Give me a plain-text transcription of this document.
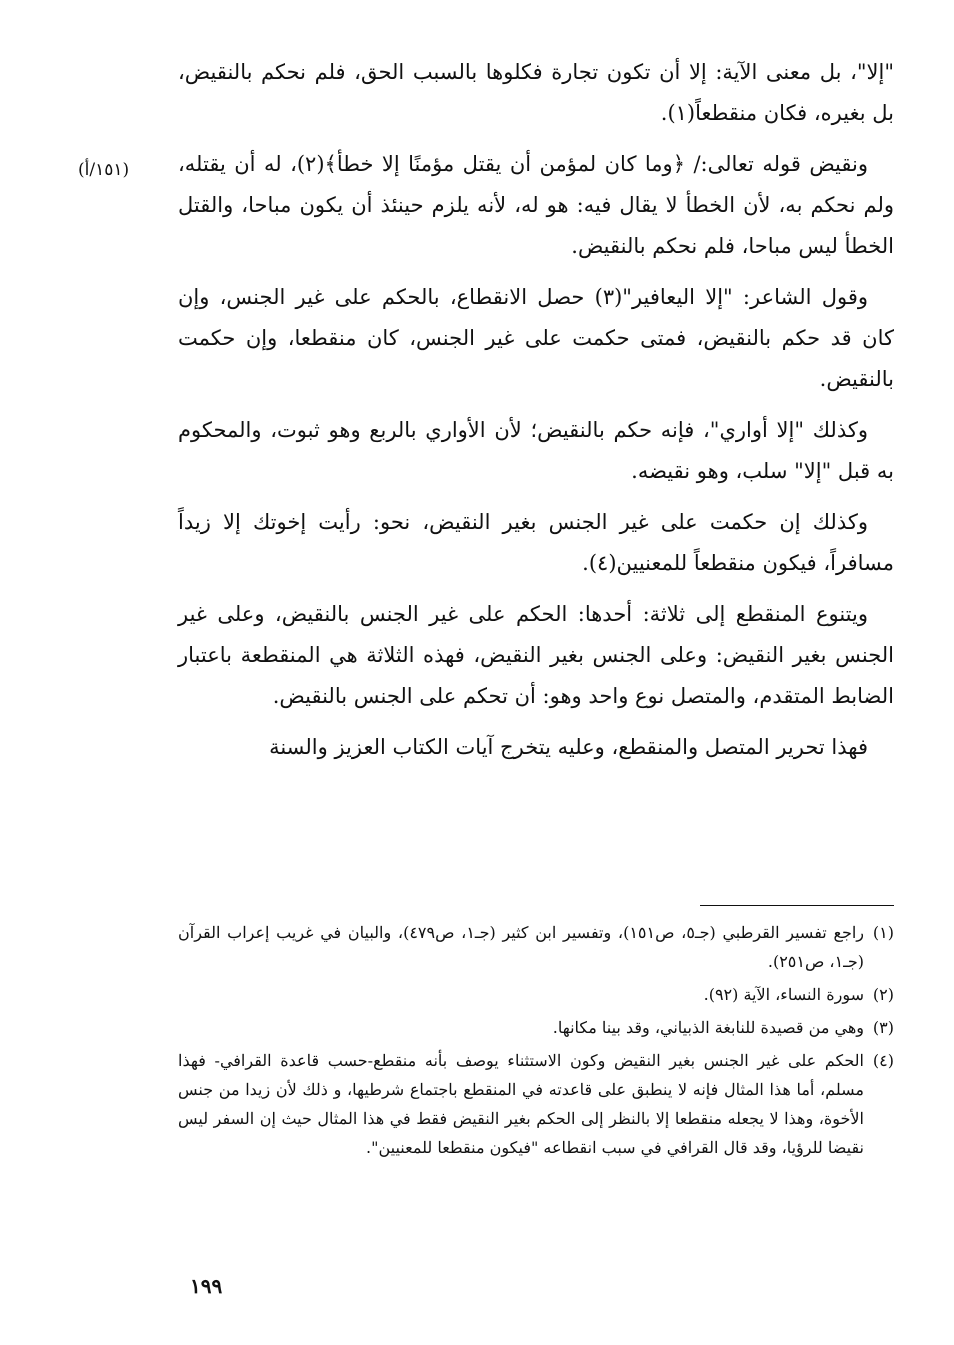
(١٥١/أ)

"إلا"، بل معنى الآية: إلا أن تكون تجارة فكلوها بالسبب الحق، فلم نحكم بالنقيض، بل بغيره، فكان منقطعاً(١).

ونقيض قوله تعالى:/ ﴿وما كان لمؤمن أن يقتل مؤمنًا إلا خطأ﴾(٢)، له أن يقتله، ولم نحكم به، لأن الخطأ لا يقال فيه: هو له، لأنه يلزم حينئذ أن يكون مباحا، والقتل الخطأ ليس مباحا، فلم نحكم بالنقيض.

وقول الشاعر: "إلا اليعافير"(٣) حصل الانقطاع، بالحكم على غير الجنس، وإن كان قد حكم بالنقيض، فمتى حكمت على غير الجنس، كان منقطعا، وإن حكمت بالنقيض.

وكذلك "إلا أواري"، فإنه حكم بالنقيض؛ لأن الأواري بالربع وهو ثبوت، والمحكوم به قبل "إلا" سلب، وهو نقيضه.

وكذلك إن حكمت على غير الجنس بغير النقيض، نحو: رأيت إخوتك إلا زيداً مسافراً، فيكون منقطعاً للمعنيين(٤).

ويتنوع المنقطع إلى ثلاثة: أحدها: الحكم على غير الجنس بالنقيض، وعلى غير الجنس بغير النقيض: وعلى الجنس بغير النقيض، فهذه الثلاثة هي المنقطعة باعتبار الضابط المتقدم، والمتصل نوع واحد وهو: أن تحكم على الجنس بالنقيض.

فهذا تحرير المتصل والمنقطع، وعليه يتخرج آيات الكتاب العزيز والسنة

(١)
راجع تفسير القرطبي (جـ٥، ص١٥١)، وتفسير ابن كثير (جـ١، ص٤٧٩)، والبيان في غريب إعراب القرآن (جـ١، ص٢٥١).
(٢)
سورة النساء، الآية (٩٢).
(٣)
وهي من قصيدة للنابغة الذبياني، وقد بينا مكانها.
(٤)
الحكم على غير الجنس بغير النقيض وكون الاستثناء يوصف بأنه منقطع-حسب قاعدة القرافي- فهذا مسلم، أما هذا المثال فإنه لا ينطبق على قاعدته في المنقطع باجتماع شرطيها، و ذلك لأن زيدا من جنس الأخوة، وهذا لا يجعله منقطعا إلا بالنظر إلى الحكم بغير النقيض فقط في هذا المثال حيث إن السفر ليس نقيضا للرؤيا، وقد قال القرافي في سبب انقطاعه "فيكون منقطعا للمعنيين".
١٩٩
